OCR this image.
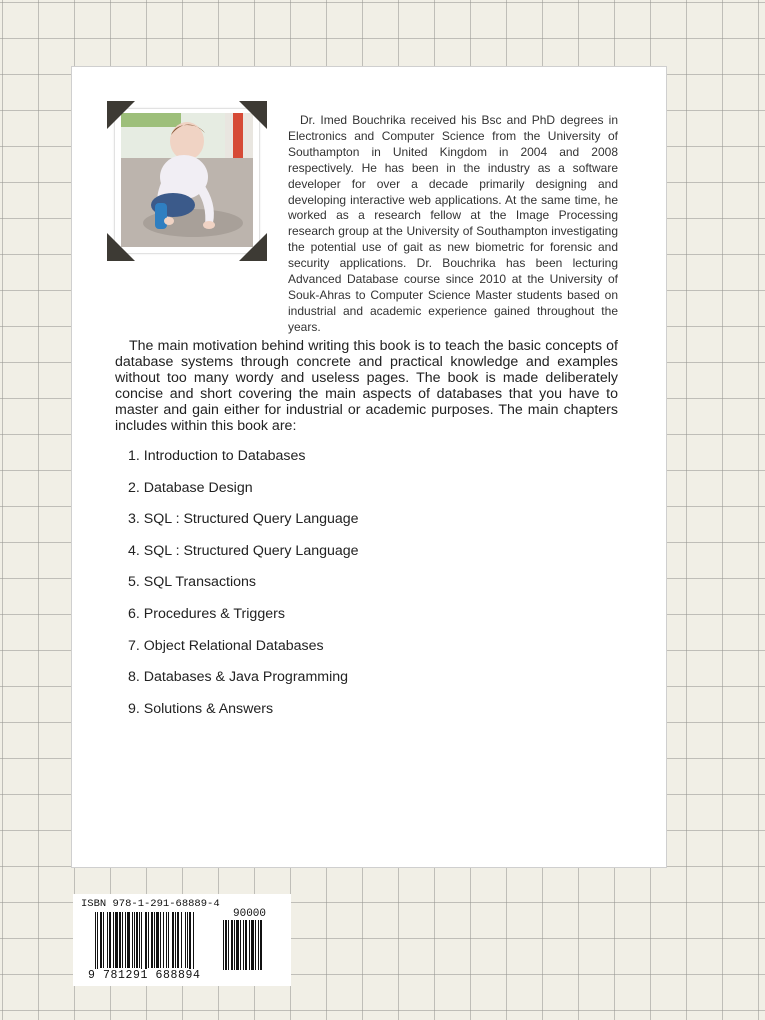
Dr. Imed Bouchrika received his Bsc and PhD degrees in Electronics and Computer Science from the University of Southampton in United Kingdom in 2004 and 2008 respectively. He has been in the industry as a software developer for over a decade primarily designing and developing interactive web applications. At the same time, he worked as a research fellow at the Image Processing research group at the University of Southampton investigating the potential use of gait as new biometric for forensic and security applications. Dr. Bouchrika has been lecturing Advanced Database course since 2010 at the University of Souk-Ahras to Computer Science Master students based on industrial and academic experience gained throughout the years.

The main motivation behind writing this book is to teach the basic concepts of database systems through concrete and practical knowledge and examples without too many wordy and useless pages. The book is made deliberately concise and short covering the main aspects of databases that you have to master and gain either for industrial or academic purposes. The main chapters includes within this book are:

1. Introduction to Databases
2. Database Design
3. SQL : Structured Query Language
4. SQL : Structured Query Language
5. SQL Transactions
6. Procedures & Triggers
7. Object Relational Databases
8. Databases & Java Programming
9. Solutions & Answers
ISBN 978-1-291-68889-4
90000
9 781291 688894
